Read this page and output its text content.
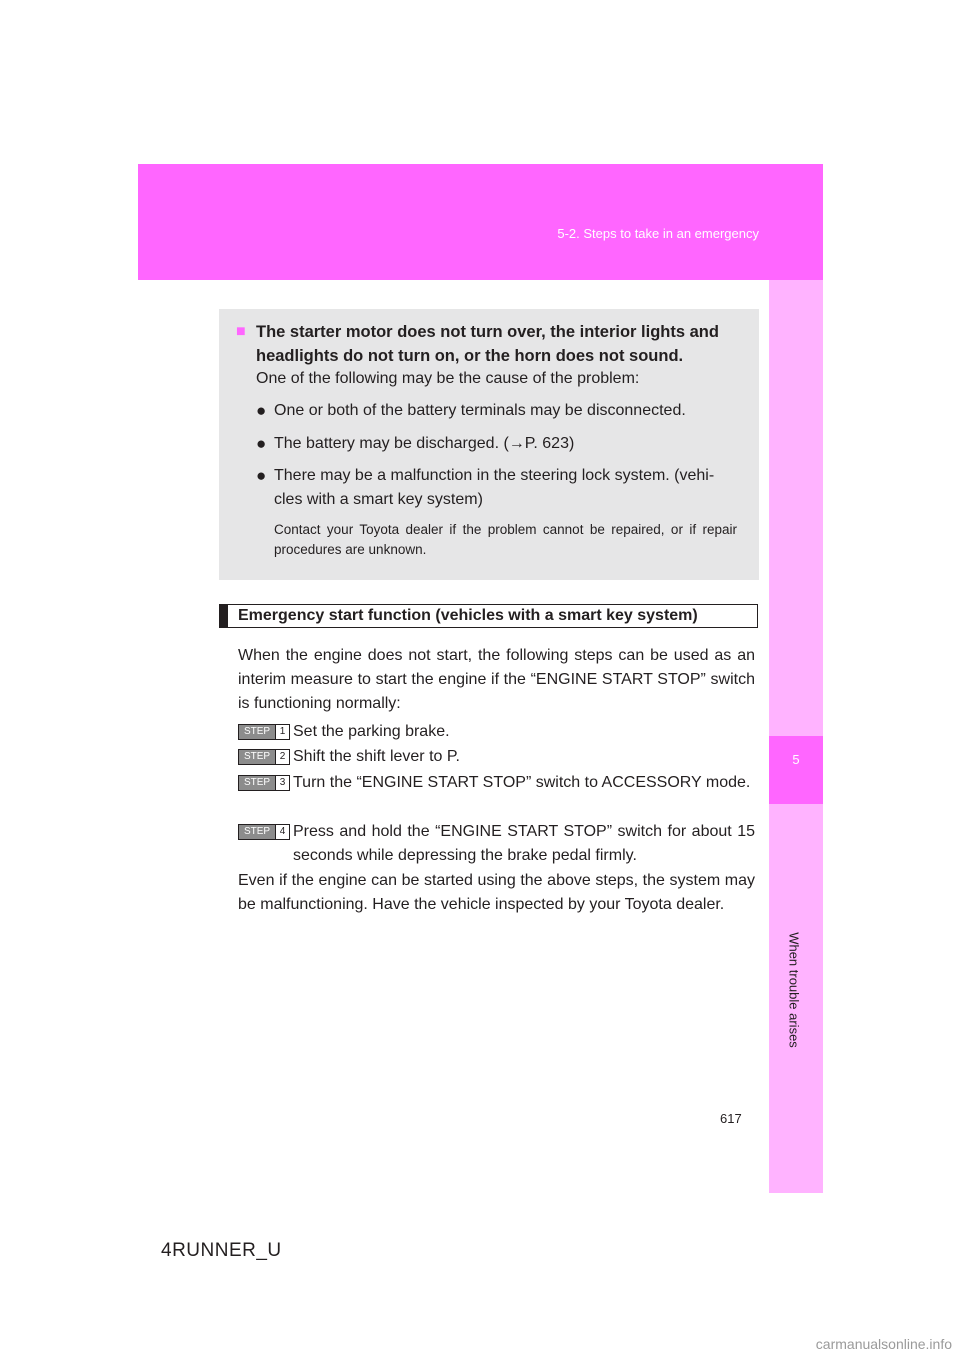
5-2. Steps to take in an emergency
5
When trouble arises
■ The starter motor does not turn over, the interior lights and headlights do not turn on, or the horn does not sound.
One of the following may be the cause of the problem:
● One or both of the battery terminals may be disconnected.
● The battery may be discharged. (→P. 623)
● There may be a malfunction in the steering lock system. (vehi- cles with a smart key system)
Contact your Toyota dealer if the problem cannot be repaired, or if repair procedures are unknown.
Emergency start function (vehicles with a smart key system)
When the engine does not start, the following steps can be used as an interim measure to start the engine if the “ENGINE START STOP” switch is functioning normally:
STEP 1 Set the parking brake.
STEP 2 Shift the shift lever to P.
STEP 3 Turn the “ENGINE START STOP” switch to ACCESSORY mode.
STEP 4 Press and hold the “ENGINE START STOP” switch for about 15 seconds while depressing the brake pedal firmly.
Even if the engine can be started using the above steps, the system may be malfunctioning. Have the vehicle inspected by your Toyota dealer.
617
4RUNNER_U
carmanualsonline.info
